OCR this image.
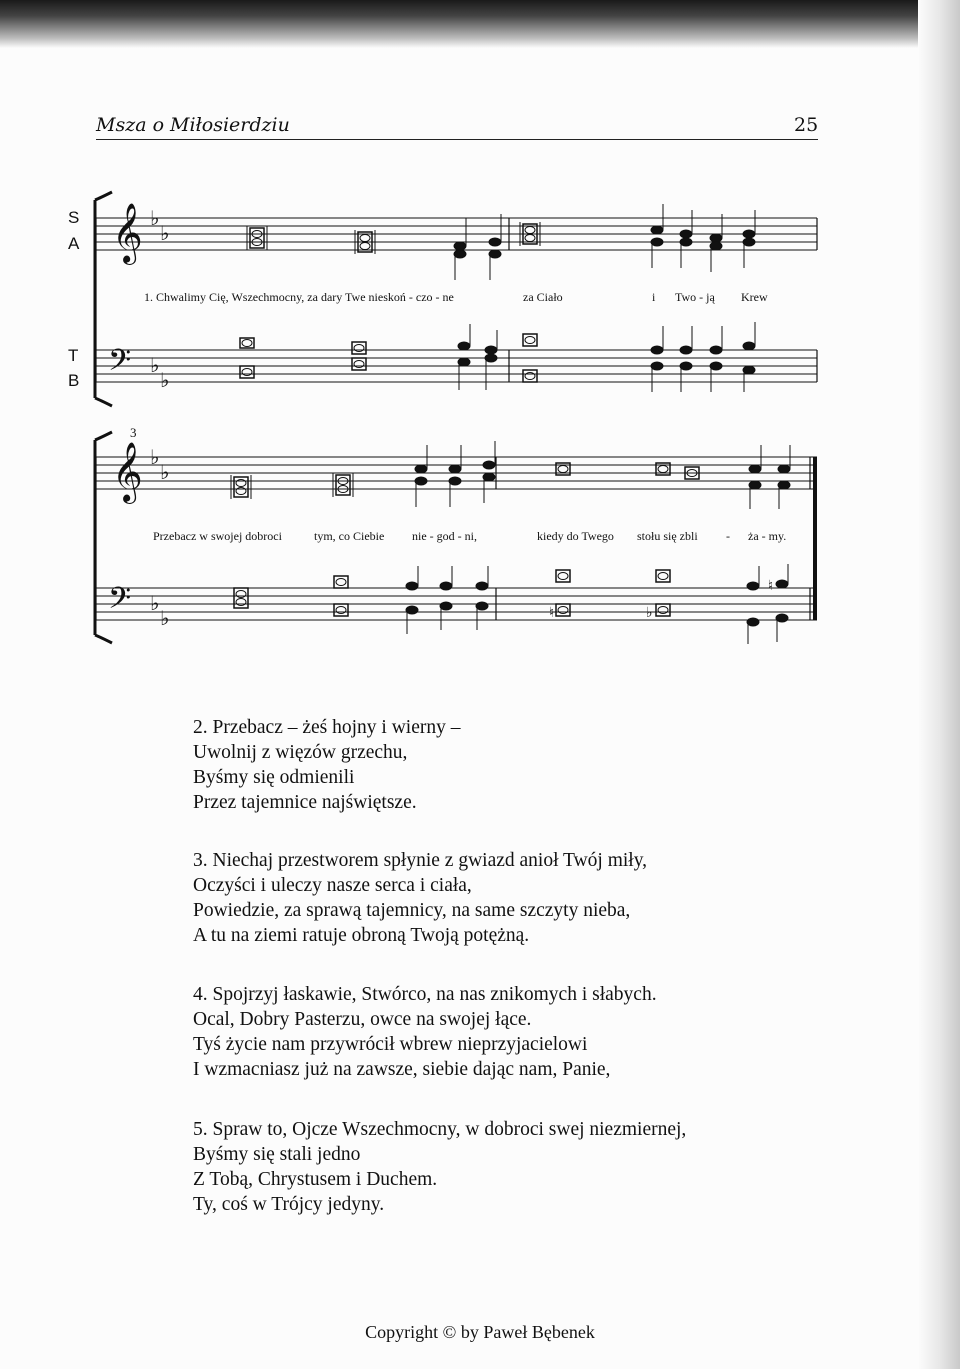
Msza o Miłosierdziu	25
S
A
T
B
𝄞 ♭
♭
𝄢 ♭
♭
3
𝄞 ♭
♭
𝄢 ♭
♭	♮	♭
♮
1. Chwalimy Cię, Wszechmocny, za dary Twe nieskoń - czo - ne	za Ciało	i Two - ją Krew
Przebacz w swojej dobroci	tym, co Ciebie nie - god - ni,	kiedy do Twego stołu się zbli - ża - my.
2. Przebacz – żeś hojny i wierny –
Uwolnij z więzów grzechu,
Byśmy się odmienili
Przez tajemnice najświętsze.
3. Niechaj przestworem spłynie z gwiazd anioł Twój miły,
Oczyści i uleczy nasze serca i ciała,
Powiedzie, za sprawą tajemnicy, na same szczyty nieba,
A tu na ziemi ratuje obroną Twoją potężną.
4. Spojrzyj łaskawie, Stwórco, na nas znikomych i słabych.
Ocal, Dobry Pasterzu, owce na swojej łące.
Tyś życie nam przywrócił wbrew nieprzyjacielowi
I wzmacniasz już na zawsze, siebie dając nam, Panie,
5. Spraw to, Ojcze Wszechmocny, w dobroci swej niezmiernej,
Byśmy się stali jedno
Z Tobą, Chrystusem i Duchem.
Ty, coś w Trójcy jedyny.
Copyright © by Paweł Bębenek
